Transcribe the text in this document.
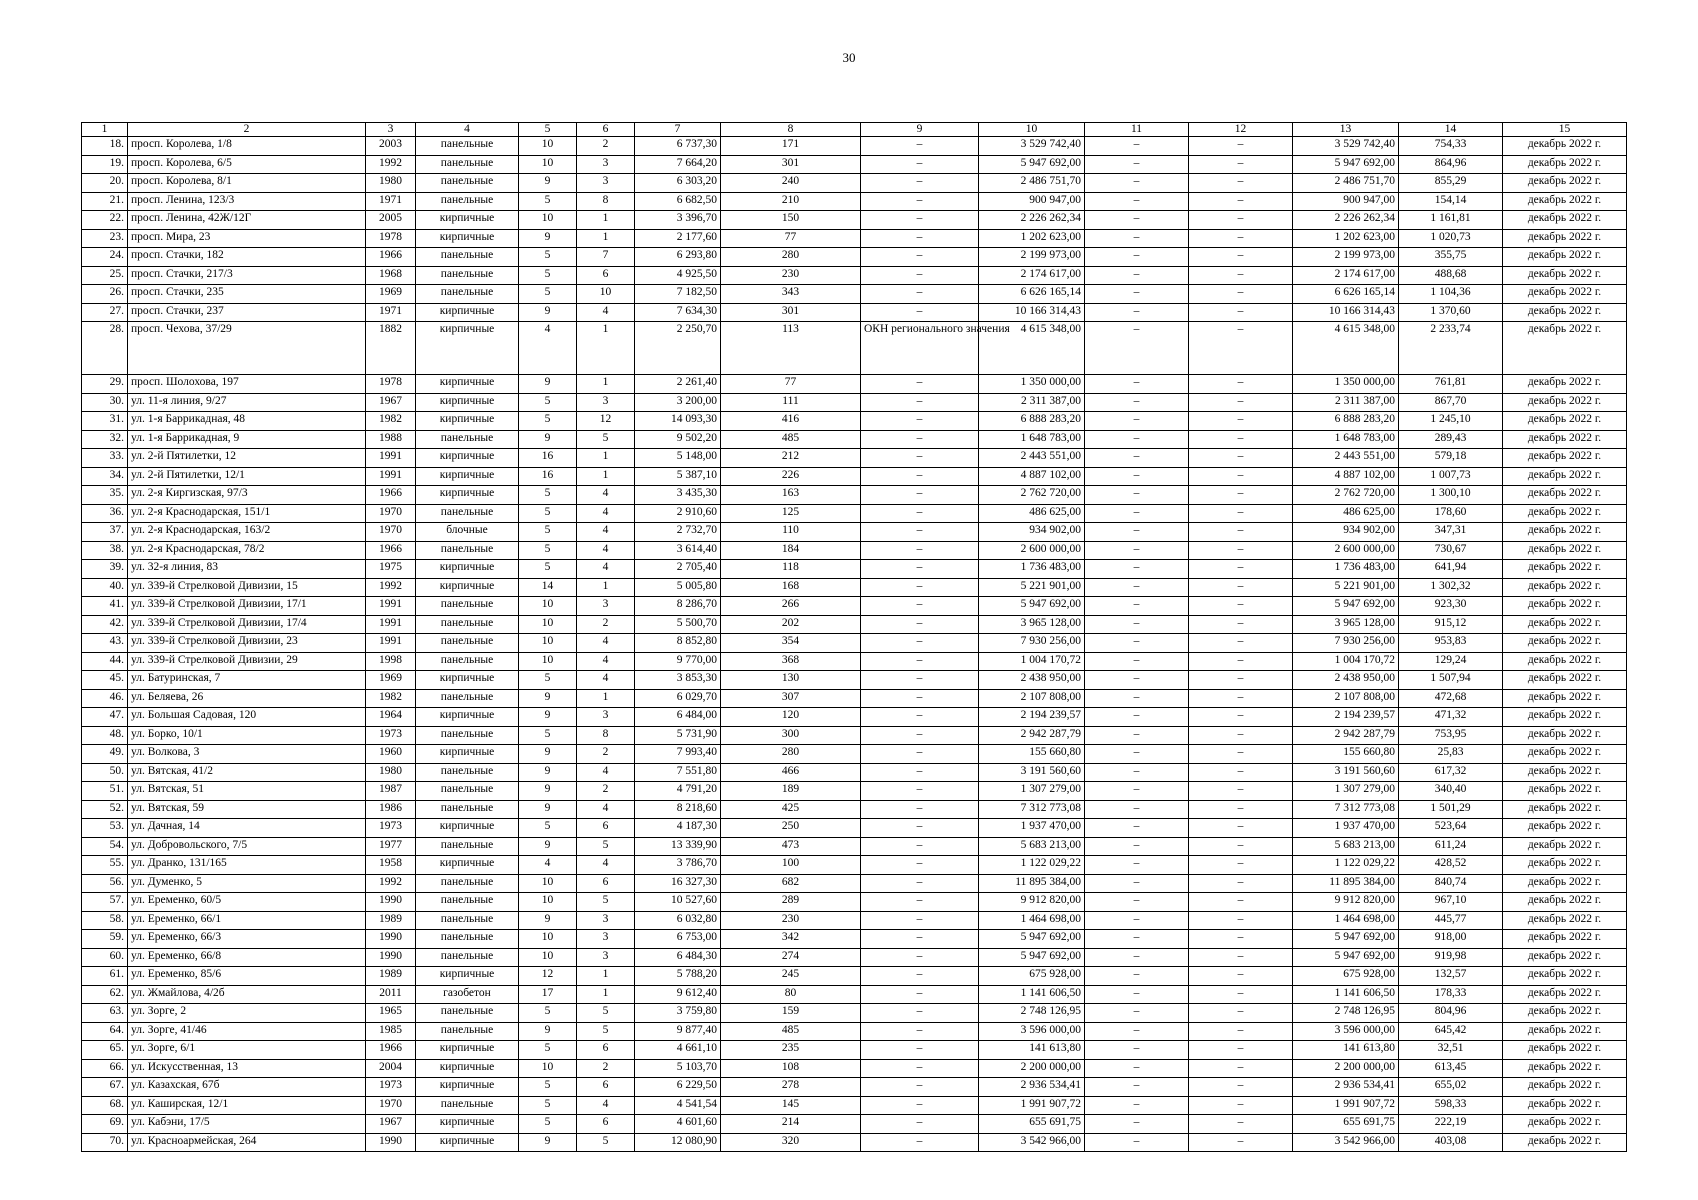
30
1	2	3	4	5	6	7	8	9	10	11	12	13	14	15
18.	просп. Королева, 1/8	2003	панельные	10	2	6 737,30	171	–	3 529 742,40	–	–	3 529 742,40	754,33	декабрь 2022 г.
19.	просп. Королева, 6/5	1992	панельные	10	3	7 664,20	301	–	5 947 692,00	–	–	5 947 692,00	864,96	декабрь 2022 г.
20.	просп. Королева, 8/1	1980	панельные	9	3	6 303,20	240	–	2 486 751,70	–	–	2 486 751,70	855,29	декабрь 2022 г.
21.	просп. Ленина, 123/3	1971	панельные	5	8	6 682,50	210	–	900 947,00	–	–	900 947,00	154,14	декабрь 2022 г.
22.	просп. Ленина, 42Ж/12Г	2005	кирпичные	10	1	3 396,70	150	–	2 226 262,34	–	–	2 226 262,34	1 161,81	декабрь 2022 г.
23.	просп. Мира, 23	1978	кирпичные	9	1	2 177,60	77	–	1 202 623,00	–	–	1 202 623,00	1 020,73	декабрь 2022 г.
24.	просп. Стачки, 182	1966	панельные	5	7	6 293,80	280	–	2 199 973,00	–	–	2 199 973,00	355,75	декабрь 2022 г.
25.	просп. Стачки, 217/3	1968	панельные	5	6	4 925,50	230	–	2 174 617,00	–	–	2 174 617,00	488,68	декабрь 2022 г.
26.	просп. Стачки, 235	1969	панельные	5	10	7 182,50	343	–	6 626 165,14	–	–	6 626 165,14	1 104,36	декабрь 2022 г.
27.	просп. Стачки, 237	1971	кирпичные	9	4	7 634,30	301	–	10 166 314,43	–	–	10 166 314,43	1 370,60	декабрь 2022 г.
28.	просп. Чехова, 37/29	1882	кирпичные	4	1	2 250,70	113	ОКН регионального значения	4 615 348,00	–	–	4 615 348,00	2 233,74	декабрь 2022 г.
29.	просп. Шолохова, 197	1978	кирпичные	9	1	2 261,40	77	–	1 350 000,00	–	–	1 350 000,00	761,81	декабрь 2022 г.
30.	ул. 11-я линия, 9/27	1967	кирпичные	5	3	3 200,00	111	–	2 311 387,00	–	–	2 311 387,00	867,70	декабрь 2022 г.
31.	ул. 1-я Баррикадная, 48	1982	кирпичные	5	12	14 093,30	416	–	6 888 283,20	–	–	6 888 283,20	1 245,10	декабрь 2022 г.
32.	ул. 1-я Баррикадная, 9	1988	панельные	9	5	9 502,20	485	–	1 648 783,00	–	–	1 648 783,00	289,43	декабрь 2022 г.
33.	ул. 2-й Пятилетки, 12	1991	кирпичные	16	1	5 148,00	212	–	2 443 551,00	–	–	2 443 551,00	579,18	декабрь 2022 г.
34.	ул. 2-й Пятилетки, 12/1	1991	кирпичные	16	1	5 387,10	226	–	4 887 102,00	–	–	4 887 102,00	1 007,73	декабрь 2022 г.
35.	ул. 2-я Киргизская, 97/3	1966	кирпичные	5	4	3 435,30	163	–	2 762 720,00	–	–	2 762 720,00	1 300,10	декабрь 2022 г.
36.	ул. 2-я Краснодарская, 151/1	1970	панельные	5	4	2 910,60	125	–	486 625,00	–	–	486 625,00	178,60	декабрь 2022 г.
37.	ул. 2-я Краснодарская, 163/2	1970	блочные	5	4	2 732,70	110	–	934 902,00	–	–	934 902,00	347,31	декабрь 2022 г.
38.	ул. 2-я Краснодарская, 78/2	1966	панельные	5	4	3 614,40	184	–	2 600 000,00	–	–	2 600 000,00	730,67	декабрь 2022 г.
39.	ул. 32-я линия, 83	1975	кирпичные	5	4	2 705,40	118	–	1 736 483,00	–	–	1 736 483,00	641,94	декабрь 2022 г.
40.	ул. 339-й Стрелковой Дивизии, 15	1992	кирпичные	14	1	5 005,80	168	–	5 221 901,00	–	–	5 221 901,00	1 302,32	декабрь 2022 г.
41.	ул. 339-й Стрелковой Дивизии, 17/1	1991	панельные	10	3	8 286,70	266	–	5 947 692,00	–	–	5 947 692,00	923,30	декабрь 2022 г.
42.	ул. 339-й Стрелковой Дивизии, 17/4	1991	панельные	10	2	5 500,70	202	–	3 965 128,00	–	–	3 965 128,00	915,12	декабрь 2022 г.
43.	ул. 339-й Стрелковой Дивизии, 23	1991	панельные	10	4	8 852,80	354	–	7 930 256,00	–	–	7 930 256,00	953,83	декабрь 2022 г.
44.	ул. 339-й Стрелковой Дивизии, 29	1998	панельные	10	4	9 770,00	368	–	1 004 170,72	–	–	1 004 170,72	129,24	декабрь 2022 г.
45.	ул. Батуринская, 7	1969	кирпичные	5	4	3 853,30	130	–	2 438 950,00	–	–	2 438 950,00	1 507,94	декабрь 2022 г.
46.	ул. Беляева, 26	1982	панельные	9	1	6 029,70	307	–	2 107 808,00	–	–	2 107 808,00	472,68	декабрь 2022 г.
47.	ул. Большая Садовая, 120	1964	кирпичные	9	3	6 484,00	120	–	2 194 239,57	–	–	2 194 239,57	471,32	декабрь 2022 г.
48.	ул. Борко, 10/1	1973	панельные	5	8	5 731,90	300	–	2 942 287,79	–	–	2 942 287,79	753,95	декабрь 2022 г.
49.	ул. Волкова, 3	1960	кирпичные	9	2	7 993,40	280	–	155 660,80	–	–	155 660,80	25,83	декабрь 2022 г.
50.	ул. Вятская, 41/2	1980	панельные	9	4	7 551,80	466	–	3 191 560,60	–	–	3 191 560,60	617,32	декабрь 2022 г.
51.	ул. Вятская, 51	1987	панельные	9	2	4 791,20	189	–	1 307 279,00	–	–	1 307 279,00	340,40	декабрь 2022 г.
52.	ул. Вятская, 59	1986	панельные	9	4	8 218,60	425	–	7 312 773,08	–	–	7 312 773,08	1 501,29	декабрь 2022 г.
53.	ул. Дачная, 14	1973	кирпичные	5	6	4 187,30	250	–	1 937 470,00	–	–	1 937 470,00	523,64	декабрь 2022 г.
54.	ул. Добровольского, 7/5	1977	панельные	9	5	13 339,90	473	–	5 683 213,00	–	–	5 683 213,00	611,24	декабрь 2022 г.
55.	ул. Дранко, 131/165	1958	кирпичные	4	4	3 786,70	100	–	1 122 029,22	–	–	1 122 029,22	428,52	декабрь 2022 г.
56.	ул. Думенко, 5	1992	панельные	10	6	16 327,30	682	–	11 895 384,00	–	–	11 895 384,00	840,74	декабрь 2022 г.
57.	ул. Еременко, 60/5	1990	панельные	10	5	10 527,60	289	–	9 912 820,00	–	–	9 912 820,00	967,10	декабрь 2022 г.
58.	ул. Еременко, 66/1	1989	панельные	9	3	6 032,80	230	–	1 464 698,00	–	–	1 464 698,00	445,77	декабрь 2022 г.
59.	ул. Еременко, 66/3	1990	панельные	10	3	6 753,00	342	–	5 947 692,00	–	–	5 947 692,00	918,00	декабрь 2022 г.
60.	ул. Еременко, 66/8	1990	панельные	10	3	6 484,30	274	–	5 947 692,00	–	–	5 947 692,00	919,98	декабрь 2022 г.
61.	ул. Еременко, 85/6	1989	кирпичные	12	1	5 788,20	245	–	675 928,00	–	–	675 928,00	132,57	декабрь 2022 г.
62.	ул. Жмайлова, 4/2б	2011	газобетон	17	1	9 612,40	80	–	1 141 606,50	–	–	1 141 606,50	178,33	декабрь 2022 г.
63.	ул. Зорге, 2	1965	панельные	5	5	3 759,80	159	–	2 748 126,95	–	–	2 748 126,95	804,96	декабрь 2022 г.
64.	ул. Зорге, 41/46	1985	панельные	9	5	9 877,40	485	–	3 596 000,00	–	–	3 596 000,00	645,42	декабрь 2022 г.
65.	ул. Зорге, 6/1	1966	кирпичные	5	6	4 661,10	235	–	141 613,80	–	–	141 613,80	32,51	декабрь 2022 г.
66.	ул. Искусственная, 13	2004	кирпичные	10	2	5 103,70	108	–	2 200 000,00	–	–	2 200 000,00	613,45	декабрь 2022 г.
67.	ул. Казахская, 67б	1973	кирпичные	5	6	6 229,50	278	–	2 936 534,41	–	–	2 936 534,41	655,02	декабрь 2022 г.
68.	ул. Каширская, 12/1	1970	панельные	5	4	4 541,54	145	–	1 991 907,72	–	–	1 991 907,72	598,33	декабрь 2022 г.
69.	ул. Кабэни, 17/5	1967	кирпичные	5	6	4 601,60	214	–	655 691,75	–	–	655 691,75	222,19	декабрь 2022 г.
70.	ул. Красноармейская, 264	1990	кирпичные	9	5	12 080,90	320	–	3 542 966,00	–	–	3 542 966,00	403,08	декабрь 2022 г.
